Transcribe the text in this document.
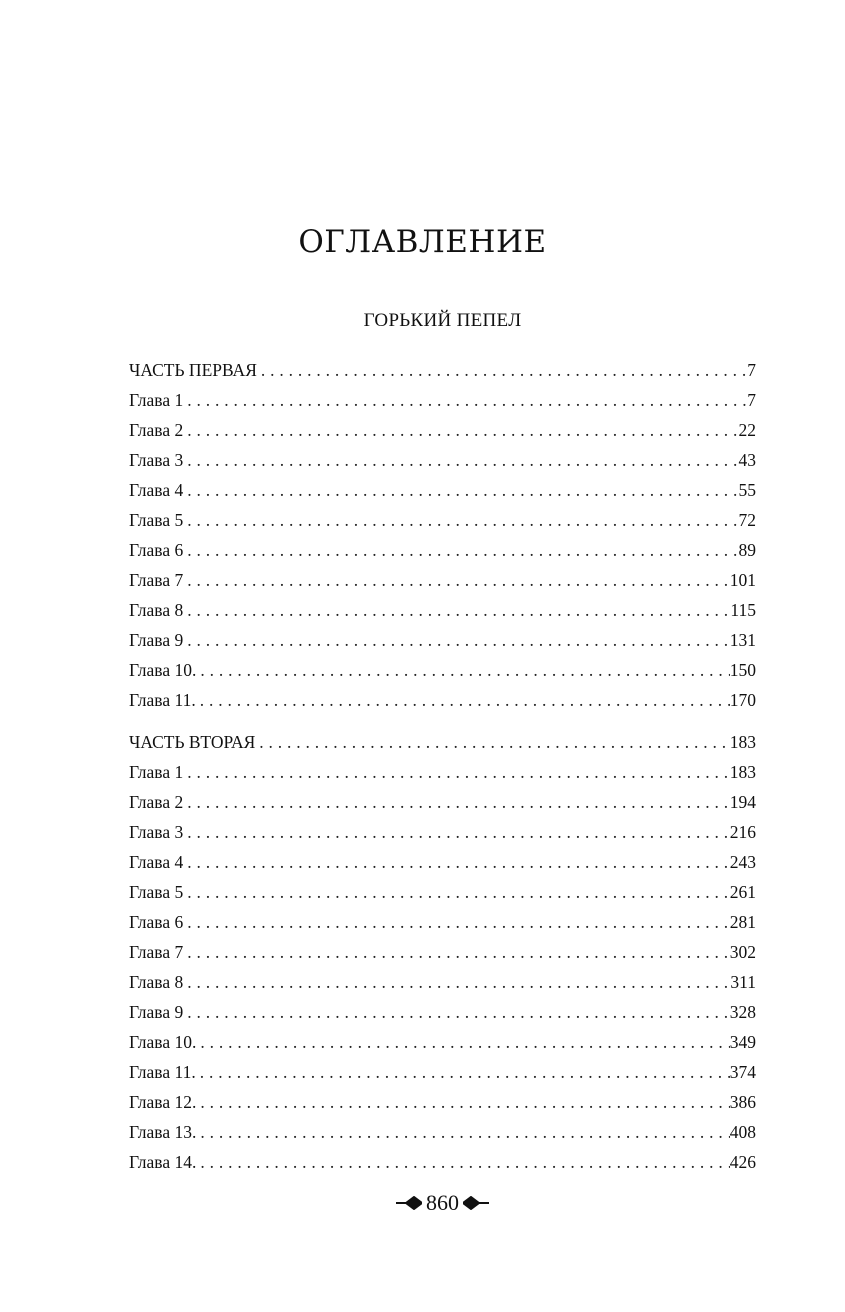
ОГЛАВЛЕНИЕ
ГОРЬКИЙ ПЕПЕЛ
ЧАСТЬ ПЕРВАЯ . . .	7
Глава 1 . . .	7
Глава 2 . . .	22
Глава 3 . . .	43
Глава 4 . . .	55
Глава 5 . . .	72
Глава 6 . . .	89
Глава 7 . . .	101
Глава 8 . . .	115
Глава 9 . . .	131
Глава 10. . . .	150
Глава 11. . . .	170
ЧАСТЬ ВТОРАЯ . . .	183
Глава 1 . . .	183
Глава 2 . . .	194
Глава 3 . . .	216
Глава 4 . . .	243
Глава 5 . . .	261
Глава 6 . . .	281
Глава 7 . . .	302
Глава 8 . . .	311
Глава 9 . . .	328
Глава 10. . . .	349
Глава 11. . . .	374
Глава 12. . . .	386
Глава 13. . . .	408
Глава 14. . . .	426
860
